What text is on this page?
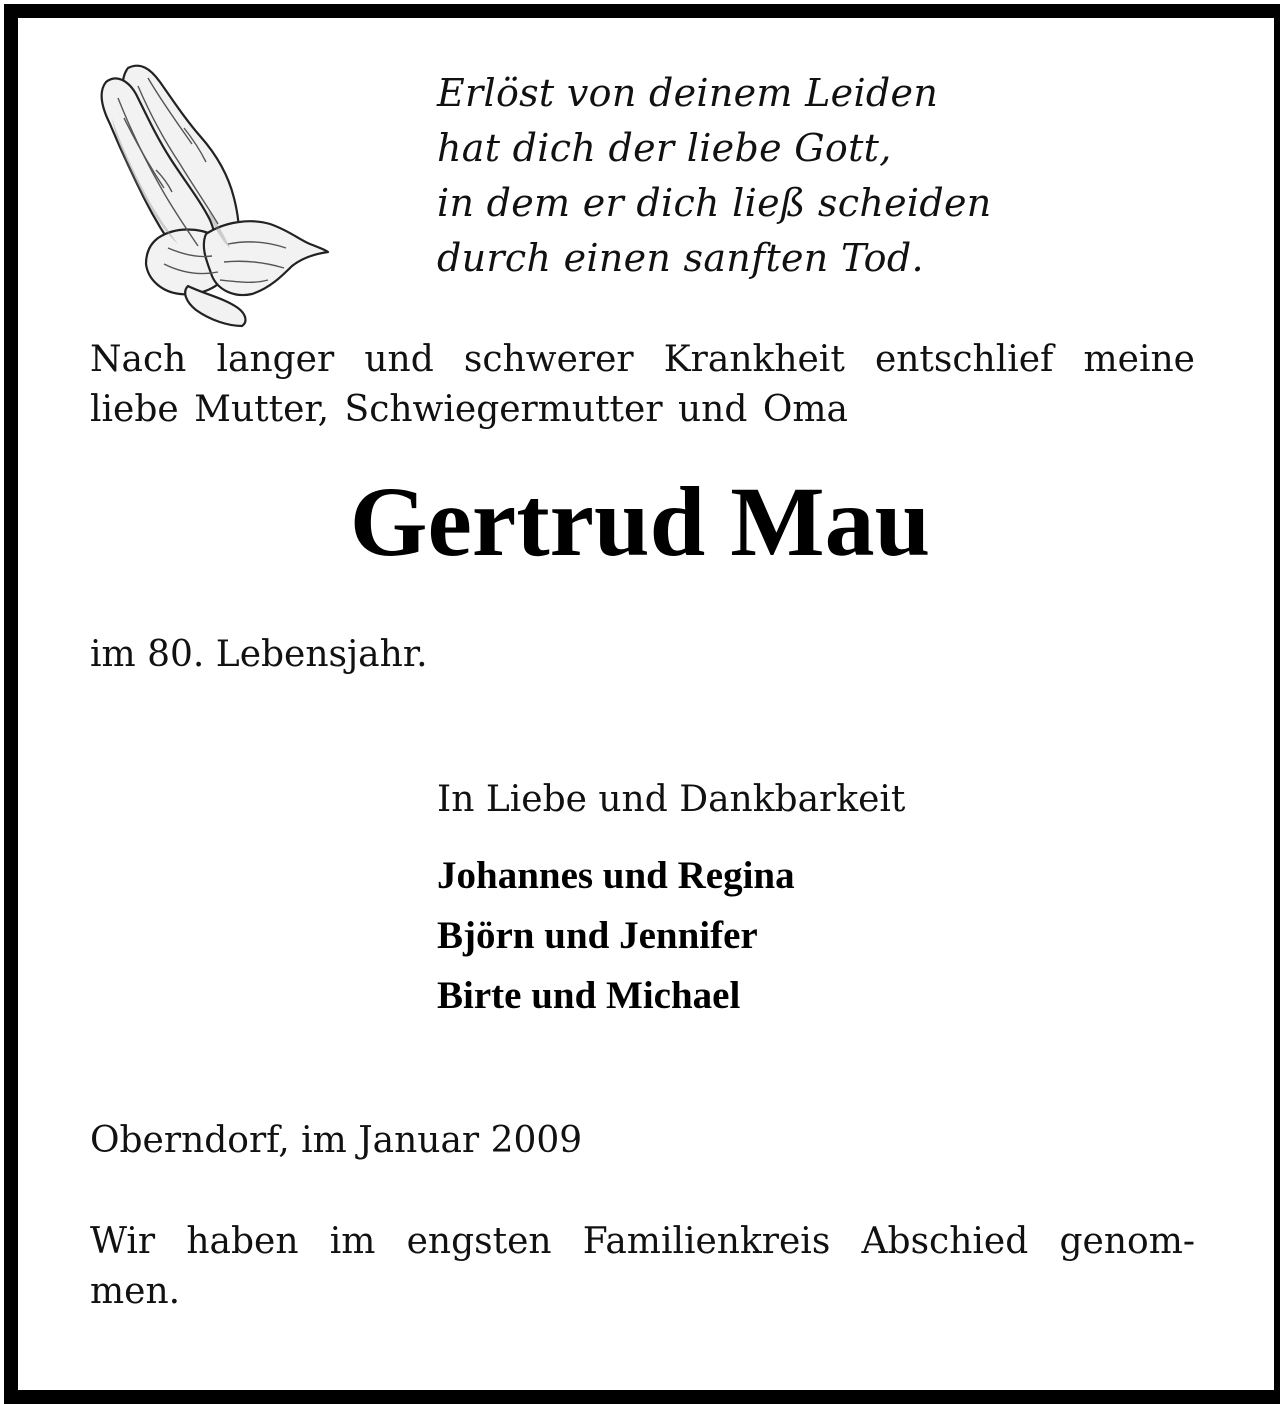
Erlöst von deinem Leiden
hat dich der liebe Gott,
in dem er dich ließ scheiden
durch einen sanften Tod.
Nach langer und schwerer Krankheit entschlief meine
liebe Mutter, Schwiegermutter und Oma
Gertrud Mau
im 80. Lebensjahr.
In Liebe und Dankbarkeit
Johannes und Regina
Björn und Jennifer
Birte und Michael
Oberndorf, im Januar 2009
Wir haben im engsten Familienkreis Abschied genom-
men.
